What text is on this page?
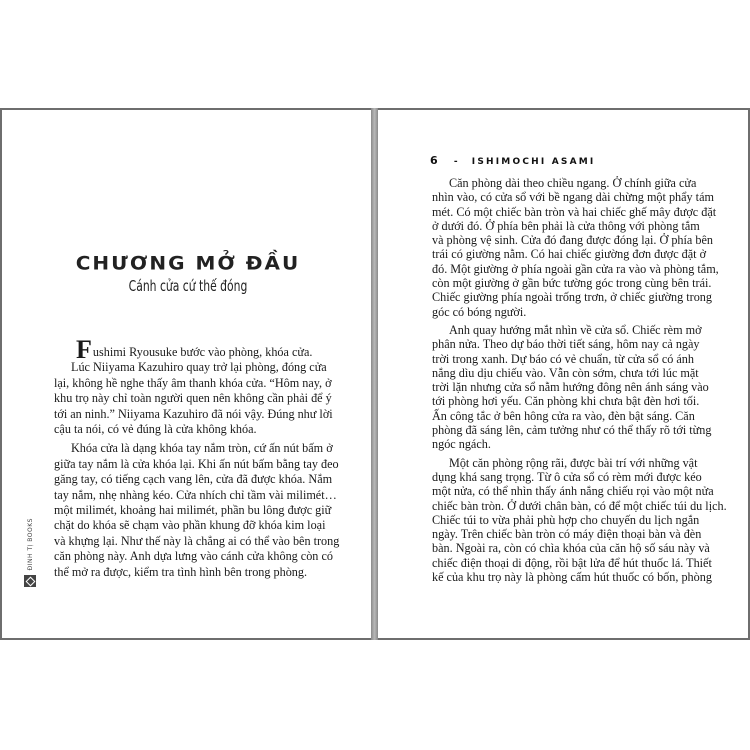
CHƯƠNG MỞ ĐẦU
Cánh cửa cứ thế đóng
Fushimi Ryousuke bước vào phòng, khóa cửa.
Lúc Niiyama Kazuhiro quay trở lại phòng, đóng cửa
lại, không hề nghe thấy âm thanh khóa cửa. “Hôm nay, ở
khu trọ này chỉ toàn người quen nên không cần phải để ý
tới an ninh.” Niiyama Kazuhiro đã nói vậy. Đúng như lời
cậu ta nói, có vẻ đúng là cửa không khóa.
Khóa cửa là dạng khóa tay nắm tròn, cứ ấn nút bấm ở
giữa tay nắm là cửa khóa lại. Khi ấn nút bấm bằng tay đeo
găng tay, có tiếng cạch vang lên, cửa đã được khóa. Nắm
tay nắm, nhẹ nhàng kéo. Cửa nhích chỉ tầm vài milimét…
một milimét, khoảng hai milimét, phần bu lông được giữ
chặt do khóa sẽ chạm vào phần khung đỡ khóa kim loại
và khựng lại. Như thế này là chẳng ai có thể vào bên trong
căn phòng này. Anh dựa lưng vào cánh cửa không còn có
thể mở ra được, kiểm tra tình hình bên trong phòng.
ĐINH TỊ BOOKS
6 - ISHIMOCHI ASAMI
Căn phòng dài theo chiều ngang. Ở chính giữa cửa
nhìn vào, có cửa sổ với bề ngang dài chừng một phẩy tám
mét. Có một chiếc bàn tròn và hai chiếc ghế mây được đặt
ở dưới đó. Ở phía bên phải là cửa thông với phòng tắm
và phòng vệ sinh. Cửa đó đang được đóng lại. Ở phía bên
trái có giường nằm. Có hai chiếc giường đơn được đặt ở
đó. Một giường ở phía ngoài gần cửa ra vào và phòng tắm,
còn một giường ở gần bức tường góc trong cùng bên trái.
Chiếc giường phía ngoài trống trơn, ở chiếc giường trong
góc có bóng người.
Anh quay hướng mắt nhìn về cửa sổ. Chiếc rèm mở
phân nửa. Theo dự báo thời tiết sáng, hôm nay cả ngày
trời trong xanh. Dự báo có vẻ chuẩn, từ cửa sổ có ánh
nắng dìu dịu chiếu vào. Vẫn còn sớm, chưa tới lúc mặt
trời lặn nhưng cửa sổ nằm hướng đông nên ánh sáng vào
tới phòng hơi yếu. Căn phòng khi chưa bật đèn hơi tối.
Ấn công tắc ở bên hông cửa ra vào, đèn bật sáng. Căn
phòng đã sáng lên, cảm tưởng như có thể thấy rõ tới từng
ngóc ngách.
Một căn phòng rộng rãi, được bài trí với những vật
dụng khá sang trọng. Từ ô cửa sổ có rèm mới được kéo
một nửa, có thể nhìn thấy ánh nắng chiếu rọi vào một nửa
chiếc bàn tròn. Ở dưới chân bàn, có để một chiếc túi du lịch.
Chiếc túi to vừa phải phù hợp cho chuyến du lịch ngắn
ngày. Trên chiếc bàn tròn có máy điện thoại bàn và đèn
bàn. Ngoài ra, còn có chìa khóa của căn hộ số sáu này và
chiếc điện thoại di động, rồi bật lửa để hút thuốc lá. Thiết
kế của khu trọ này là phòng cấm hút thuốc có bốn, phòng
